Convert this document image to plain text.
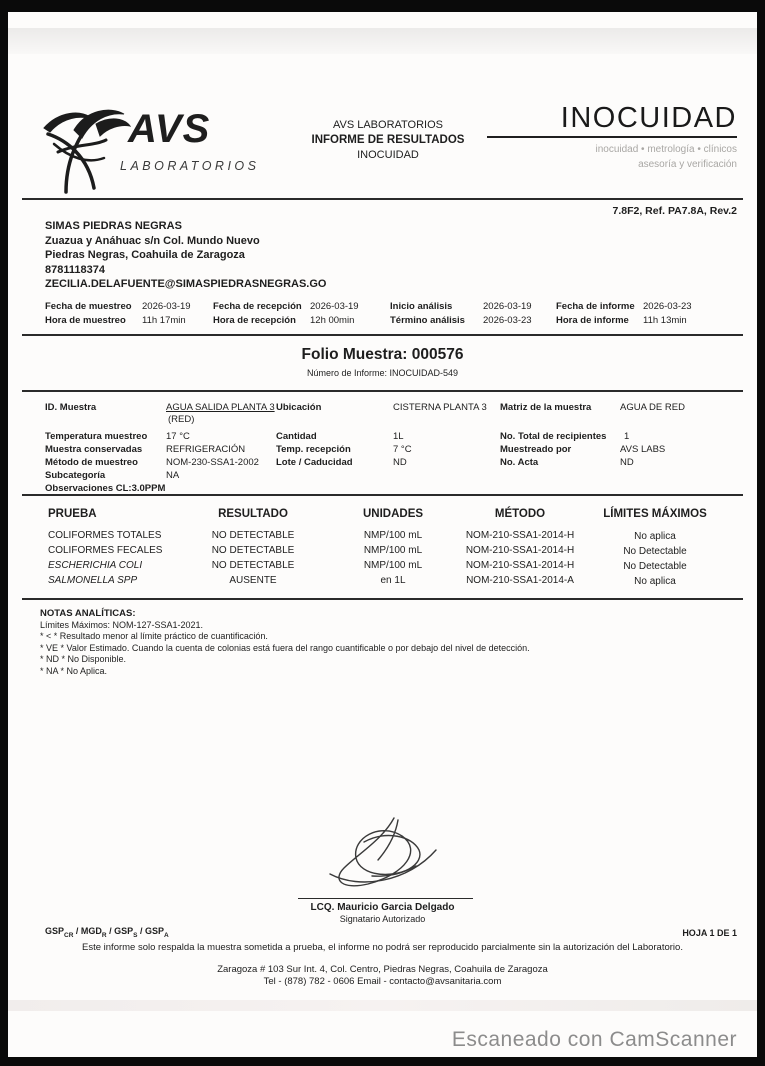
AVS
LABORATORIOS
AVS LABORATORIOS
INFORME DE RESULTADOS
INOCUIDAD
INOCUIDAD
inocuidad • metrología • clínicos
asesoría y verificación
7.8F2, Ref. PA7.8A, Rev.2
SIMAS PIEDRAS NEGRAS
Zuazua y Anáhuac s/n Col. Mundo Nuevo
Piedras Negras, Coahuila de Zaragoza
8781118374
ZECILIA.DELAFUENTE@SIMASPIEDRASNEGRAS.GO
Fecha de muestreo 2026-03-19
Hora de muestreo 11h 17min
Fecha de recepción 2026-03-19
Hora de recepción 12h 00min
Inicio análisis	2026-03-19
Término análisis 2026-03-23
Fecha de informe 2026-03-23
Hora de informe 11h 13min
Folio Muestra: 000576
Número de Informe: INOCUIDAD-549
ID. Muestra	AGUA SALIDA PLANTA 3
(RED)
Temperatura muestreo 17 °C
Muestra conservadas	REFRIGERACIÓN
Método de muestreo	NOM-230-SSA1-2002
Subcategoría	NA
Observaciones CL:3.0PPM
Ubicación	CISTERNA PLANTA 3
Cantidad	1L
Temp. recepción	7 °C
Lote / Caducidad	ND
Matriz de la muestra	AGUA DE RED
No. Total de recipientes 1
Muestreado por	AVS LABS
No. Acta	ND
PRUEBA	RESULTADO	UNIDADES	MÉTODO	LÍMITES MÁXIMOS
COLIFORMES TOTALES	NO DETECTABLE	NMP/100 mL	NOM-210-SSA1-2014-H	No aplica
COLIFORMES FECALES	NO DETECTABLE	NMP/100 mL	NOM-210-SSA1-2014-H	No Detectable
ESCHERICHIA COLI	NO DETECTABLE	NMP/100 mL	NOM-210-SSA1-2014-H	No Detectable
SALMONELLA SPP	AUSENTE	en 1L	NOM-210-SSA1-2014-A	No aplica
NOTAS ANALÍTICAS:
Límites Máximos: NOM-127-SSA1-2021.
* < * Resultado menor al límite práctico de cuantificación.
* VE * Valor Estimado. Cuando la cuenta de colonias está fuera del rango cuantificable o por debajo del nivel de detección.
* ND * No Disponible.
* NA * No Aplica.
LCQ. Mauricio Garcia Delgado
Signatario Autorizado
$GSP_{CR} / MGD_R / GSP_S / GSP_A$	HOJA 1 DE 1
Este informe solo respalda la muestra sometida a prueba, el informe no podrá ser reproducido parcialmente sin la autorización del Laboratorio.
Zaragoza # 103 Sur Int. 4, Col. Centro, Piedras Negras, Coahuila de Zaragoza
Tel - (878) 782 - 0606 Email - contacto@avsanitaria.com
Escaneado con CamScanner
